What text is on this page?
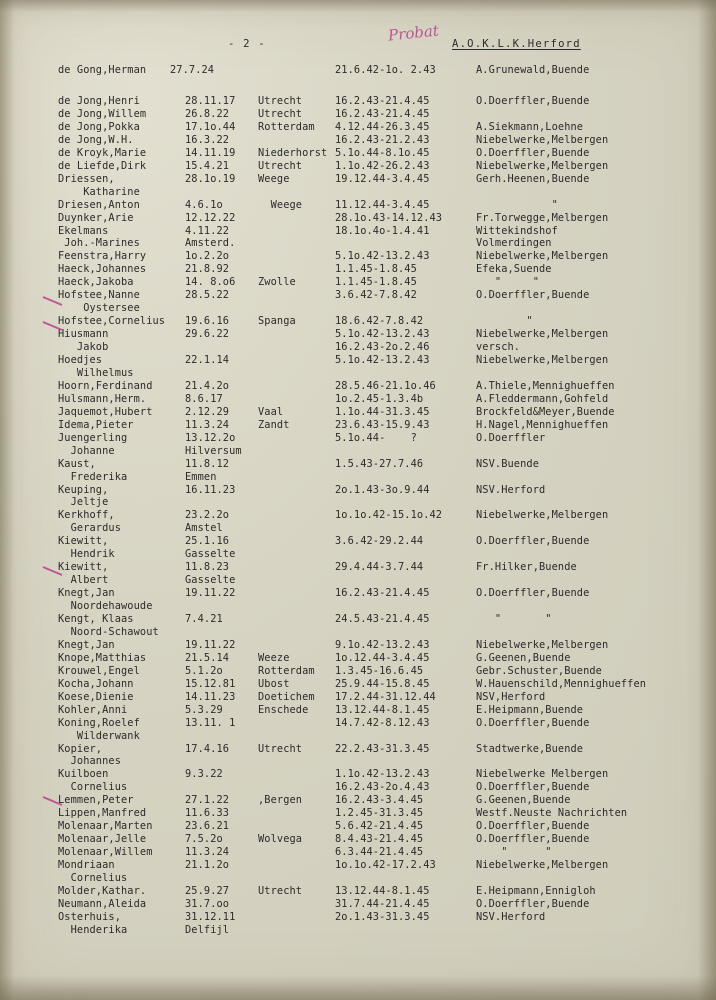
- 2 -	Probat A.O.K.L.K.Herford
de Gong,Herman 27.7.24	21.6.42-1o. 2.43	A.Grunewald,Buende
de Jong,Henri	28.11.17 Utrecht	16.2.43-21.4.45	O.Doerffler,Buende
de Jong,Willem	26.8.22	Utrecht	16.2.43-21.4.45
de Jong,Pokka	17.1o.44 Rotterdam 4.12.44-26.3.45	A.Siekmann,Loehne
de Jong,W.H.	16.3.22	16.2.43-21.2.43	Niebelwerke,Melbergen
de Kroyk,Marie	14.11.19 Niederhorst 5.1o.44-8.1o.45	O.Doerffler,Buende
de Liefde,Dirk	15.4.21	Utrecht	1.1o.42-26.2.43	Niebelwerke,Melbergen
Driessen,	28.1o.19 Weege	19.12.44-3.4.45	Gerh.Heenen,Buende
Katharine
Driesen,Anton	4.6.1o	Weege	11.12.44-3.4.45	"
Duynker,Arie	12.12.22	28.1o.43-14.12.43	Fr.Torwegge,Melbergen
Ekelmans	4.11.22	18.1o.4o-1.4.41	Wittekindshof
Joh.-Marines	Amsterd.	Volmerdingen
Feenstra,Harry	1o.2.2o	5.1o.42-13.2.43	Niebelwerke,Melbergen
Haeck,Johannes	21.8.92	1.1.45-1.8.45	Efeka,Suende
Haeck,Jakoba	14. 8.o6 Zwolle	1.1.45-1.8.45	"     "
Hofstee,Nanne	28.5.22	3.6.42-7.8.42	O.Doerffler,Buende
Oystersee
Hofstee,Cornelius 19.6.16	Spanga	18.6.42-7.8.42	"
Hiusmann	29.6.22	5.1o.42-13.2.43	Niebelwerke,Melbergen
Jakob	16.2.43-2o.2.46	versch.
Hoedjes	22.1.14	5.1o.42-13.2.43	Niebelwerke,Melbergen
Wilhelmus
Hoorn,Ferdinand	21.4.2o	28.5.46-21.1o.46	A.Thiele,Mennighueffen
Hulsmann,Herm.	8.6.17	1o.2.45-1.3.4b	A.Fleddermann,Gohfeld
Jaquemot,Hubert	2.12.29	Vaal	1.1o.44-31.3.45	Brockfeld&Meyer,Buende
Idema,Pieter	11.3.24	Zandt	23.6.43-15.9.43	H.Nagel,Mennighueffen
Juengerling	13.12.2o	5.1o.44-    ?	O.Doerffler
Johanne	Hilversum
Kaust,	11.8.12	1.5.43-27.7.46	NSV.Buende
Frederika	Emmen
Keuping,	16.11.23	2o.1.43-3o.9.44	NSV.Herford
Jeltje
Kerkhoff,	23.2.2o	1o.1o.42-15.1o.42	Niebelwerke,Melbergen
Gerardus	Amstel
Kiewitt,	25.1.16	3.6.42-29.2.44	O.Doerffler,Buende
Hendrik	Gasselte
Kiewitt,	11.8.23	29.4.44-3.7.44	Fr.Hilker,Buende
Albert	Gasselte
Knegt,Jan	19.11.22	16.2.43-21.4.45	O.Doerffler,Buende
Noordehawoude
Kengt, Klaas	7.4.21	24.5.43-21.4.45	"       "
Noord-Schawout
Knegt,Jan	19.11.22	9.1o.42-13.2.43	Niebelwerke,Melbergen
Knope,Matthias	21.5.14	Weeze	1o.12.44-3.4.45	G.Geenen,Buende
Krouwel,Engel	5.1.2o	Rotterdam 1.3.45-16.6.45	Gebr.Schuster,Buende
Kocha,Johann	15.12.81 Ubost	25.9.44-15.8.45	W.Hauenschild,Mennighueffen
Koese,Dienie	14.11.23 Doetichem 17.2.44-31.12.44	NSV,Herford
Kohler,Anni	5.3.29	Enschede	13.12.44-8.1.45	E.Heipmann,Buende
Koning,Roelef	13.11. 1	14.7.42-8.12.43	O.Doerffler,Buende
Wilderwank
Kopier,	17.4.16	Utrecht	22.2.43-31.3.45	Stadtwerke,Buende
Johannes
Kuilboen	9.3.22	1.1o.42-13.2.43	Niebelwerke Melbergen
Cornelius	16.2.43-2o.4.43	O.Doerffler,Buende
Lemmen,Peter	27.1.22	,Bergen	16.2.43-3.4.45	G.Geenen,Buende
Lippen,Manfred	11.6.33	1.2.45-31.3.45	Westf.Neuste Nachrichten
Molenaar,Marten	23.6.21	5.6.42-21.4.45	O.Doerffler,Buende
Molenaar,Jelle	7.5.2o	Wolvega	8.4.43-21.4.45	O.Doerffler,Buende
Molenaar,Willem	11.3.24	6.3.44-21.4.45	"      "
Mondriaan	21.1.2o	1o.1o.42-17.2.43	Niebelwerke,Melbergen
Cornelius
Molder,Kathar.	25.9.27	Utrecht	13.12.44-8.1.45	E.Heipmann,Ennigloh
Neumann,Aleida	31.7.oo	31.7.44-21.4.45	O.Doerffler,Buende
Osterhuis,	31.12.11	2o.1.43-31.3.45	NSV.Herford
Henderika	Delfijl
